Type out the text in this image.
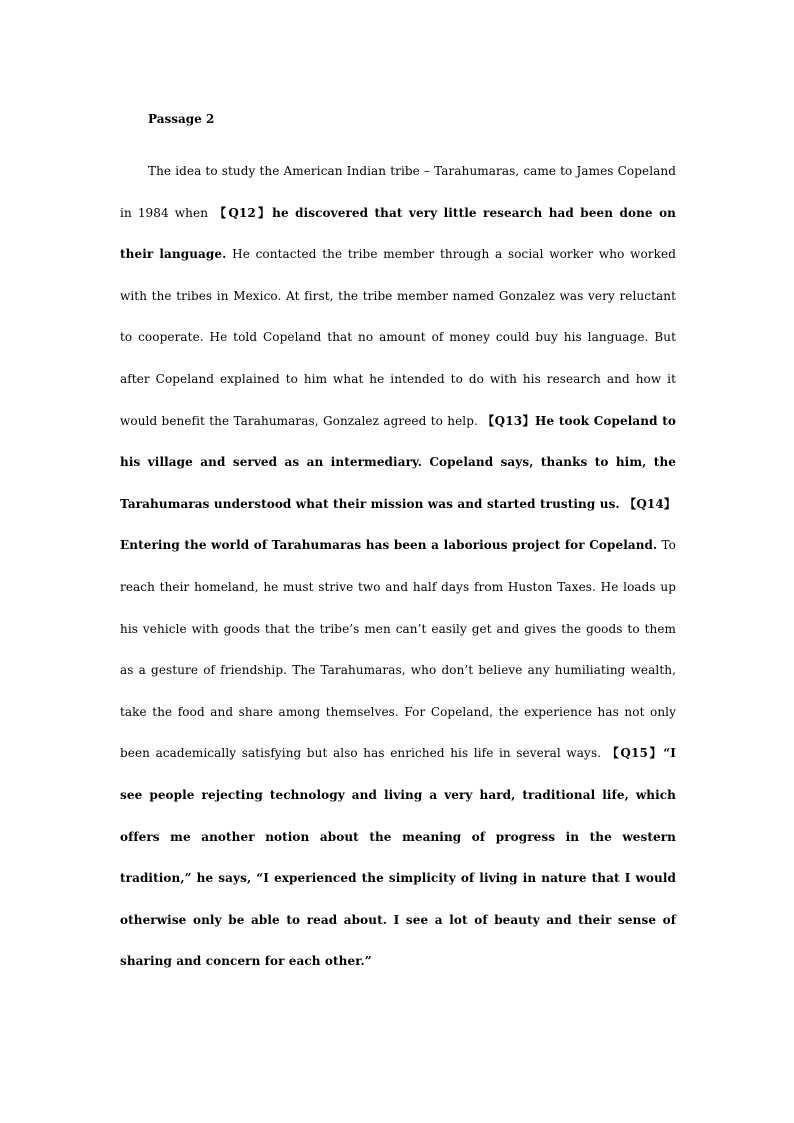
Passage 2

The idea to study the American Indian tribe – Tarahumaras, came to James Copeland in 1984 when 【Q12】he discovered that very little research had been done on their language. He contacted the tribe member through a social worker who worked with the tribes in Mexico. At first, the tribe member named Gonzalez was very reluctant to cooperate. He told Copeland that no amount of money could buy his language. But after Copeland explained to him what he intended to do with his research and how it would benefit the Tarahumaras, Gonzalez agreed to help. 【Q13】He took Copeland to his village and served as an intermediary. Copeland says, thanks to him, the Tarahumaras understood what their mission was and started trusting us. 【Q14】Entering the world of Tarahumaras has been a laborious project for Copeland. To reach their homeland, he must strive two and half days from Huston Taxes. He loads up his vehicle with goods that the tribe’s men can’t easily get and gives the goods to them as a gesture of friendship. The Tarahumaras, who don’t believe any humiliating wealth, take the food and share among themselves. For Copeland, the experience has not only been academically satisfying but also has enriched his life in several ways. 【Q15】“I see people rejecting technology and living a very hard, traditional life, which offers me another notion about the meaning of progress in the western tradition,” he says, “I experienced the simplicity of living in nature that I would otherwise only be able to read about. I see a lot of beauty and their sense of sharing and concern for each other.”
